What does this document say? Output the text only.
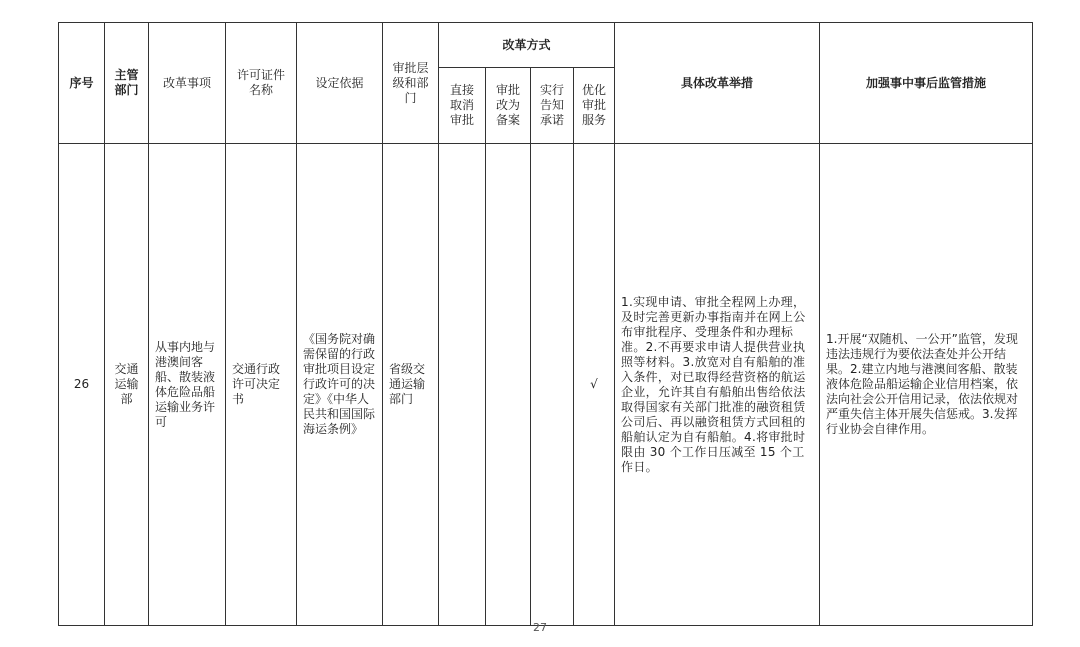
序号	主管部门	改革事项	许可证件名称	设定依据	审批层级和部门	改革方式				具体改革举措	加强事中事后监管措施
						直接取消审批	审批改为备案	实行告知承诺	优化审批服务		
26	交通运输部	从事内地与港澳间客船、散装液体危险品船运输业务许可	交通行政许可决定书	《国务院对确需保留的行政审批项目设定行政许可的决定》《中华人民共和国国际海运条例》	省级交通运输部门				√	1.实现申请、审批全程网上办理，及时完善更新办事指南并在网上公布审批程序、受理条件和办理标准。2.不再要求申请人提供营业执照等材料。3.放宽对自有船舶的准入条件，对已取得经营资格的航运企业，允许其自有船舶出售给依法取得国家有关部门批准的融资租赁公司后、再以融资租赁方式回租的船舶认定为自有船舶。4.将审批时限由 30 个工作日压减至 15 个工作日。	1.开展“双随机、一公开”监管，发现违法违规行为要依法查处并公开结果。2.建立内地与港澳间客船、散装液体危险品船运输企业信用档案，依法向社会公开信用记录，依法依规对严重失信主体开展失信惩戒。3.发挥行业协会自律作用。
27
